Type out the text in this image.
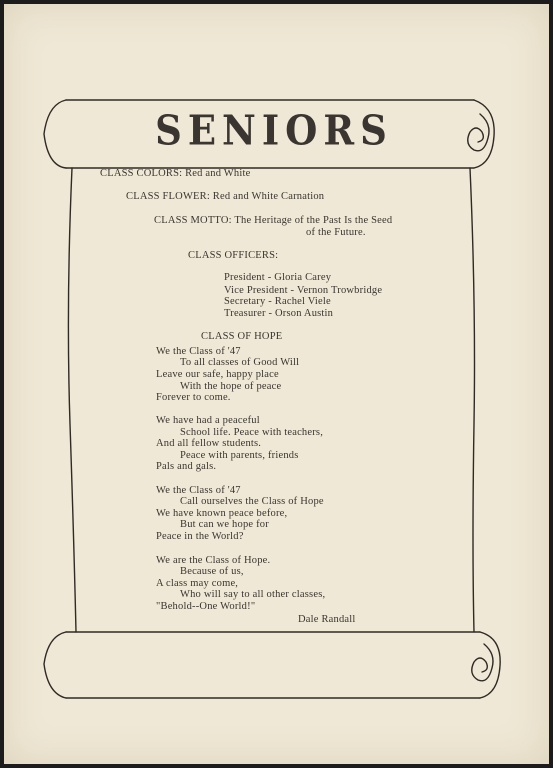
SENIORS
CLASS COLORS: Red and White
CLASS FLOWER: Red and White Carnation
CLASS MOTTO: The Heritage of the Past Is the Seed
of the Future.
CLASS OFFICERS:
President - Gloria Carey
Vice President - Vernon Trowbridge
Secretary - Rachel Viele
Treasurer - Orson Austin
CLASS OF HOPE
We the Class of '47
To all classes of Good Will
Leave our safe, happy place
With the hope of peace
Forever to come.
We have had a peaceful
School life. Peace with teachers,
And all fellow students.
Peace with parents, friends
Pals and gals.
We the Class of '47
Call ourselves the Class of Hope
We have known peace before,
But can we hope for
Peace in the World?
We are the Class of Hope.
Because of us,
A class may come,
Who will say to all other classes,
"Behold--One World!"
Dale Randall
